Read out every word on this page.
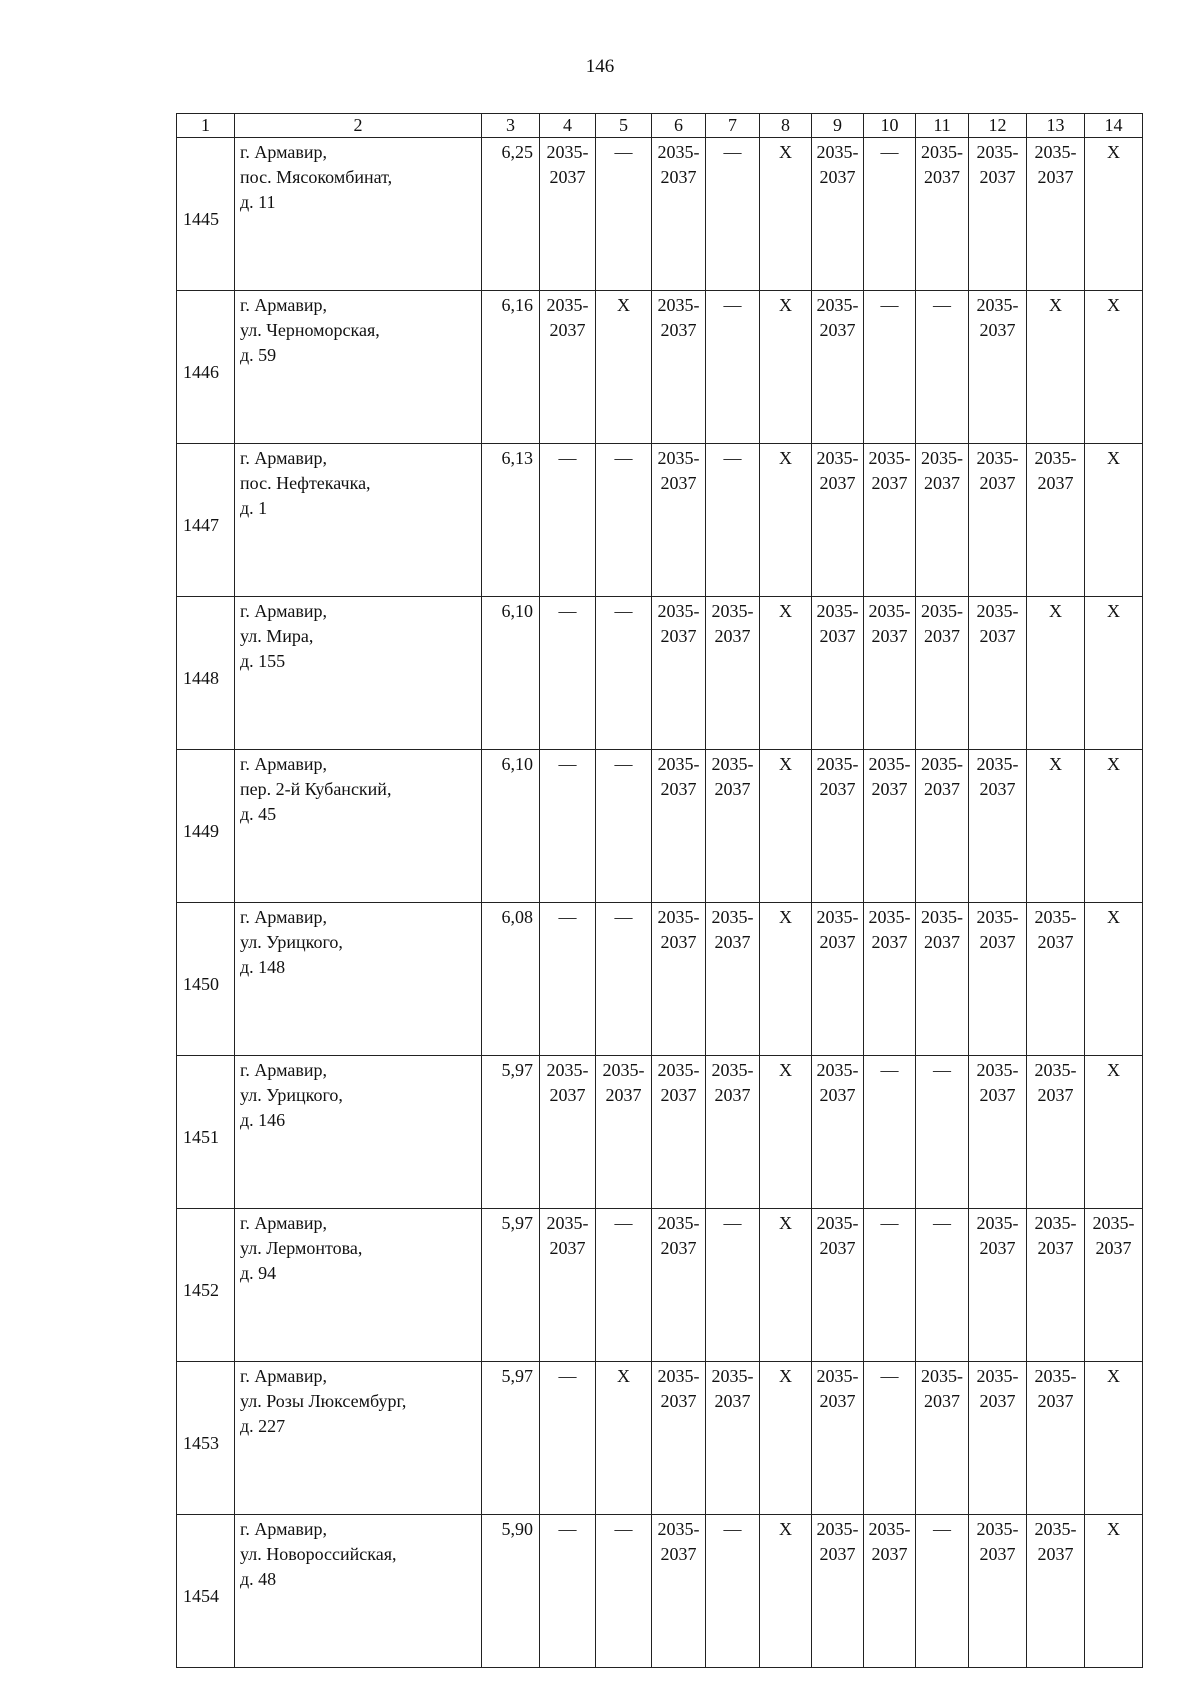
146
1	2	3	4	5	6	7	8	9	10	11	12	13	14
1445	г. Армавир,
пос. Мясокомбинат,
д. 11	6,25	2035-
2037	—	2035-
2037	—	X	2035-
2037	—	2035-
2037	2035-
2037	2035-
2037	X
1446	г. Армавир,
ул. Черноморская,
д. 59	6,16	2035-
2037	X	2035-
2037	—	X	2035-
2037	—	—	2035-
2037	X	X
1447	г. Армавир,
пос. Нефтекачка,
д. 1	6,13	—	—	2035-
2037	—	X	2035-
2037	2035-
2037	2035-
2037	2035-
2037	2035-
2037	X
1448	г. Армавир,
ул. Мира,
д. 155	6,10	—	—	2035-
2037	2035-
2037	X	2035-
2037	2035-
2037	2035-
2037	2035-
2037	X	X
1449	г. Армавир,
пер. 2-й Кубанский,
д. 45	6,10	—	—	2035-
2037	2035-
2037	X	2035-
2037	2035-
2037	2035-
2037	2035-
2037	X	X
1450	г. Армавир,
ул. Урицкого,
д. 148	6,08	—	—	2035-
2037	2035-
2037	X	2035-
2037	2035-
2037	2035-
2037	2035-
2037	2035-
2037	X
1451	г. Армавир,
ул. Урицкого,
д. 146	5,97	2035-
2037	2035-
2037	2035-
2037	2035-
2037	X	2035-
2037	—	—	2035-
2037	2035-
2037	X
1452	г. Армавир,
ул. Лермонтова,
д. 94	5,97	2035-
2037	—	2035-
2037	—	X	2035-
2037	—	—	2035-
2037	2035-
2037	2035-
2037
1453	г. Армавир,
ул. Розы Люксембург,
д. 227	5,97	—	X	2035-
2037	2035-
2037	X	2035-
2037	—	2035-
2037	2035-
2037	2035-
2037	X
1454	г. Армавир,
ул. Новороссийская,
д. 48	5,90	—	—	2035-
2037	—	X	2035-
2037	2035-
2037	—	2035-
2037	2035-
2037	X
